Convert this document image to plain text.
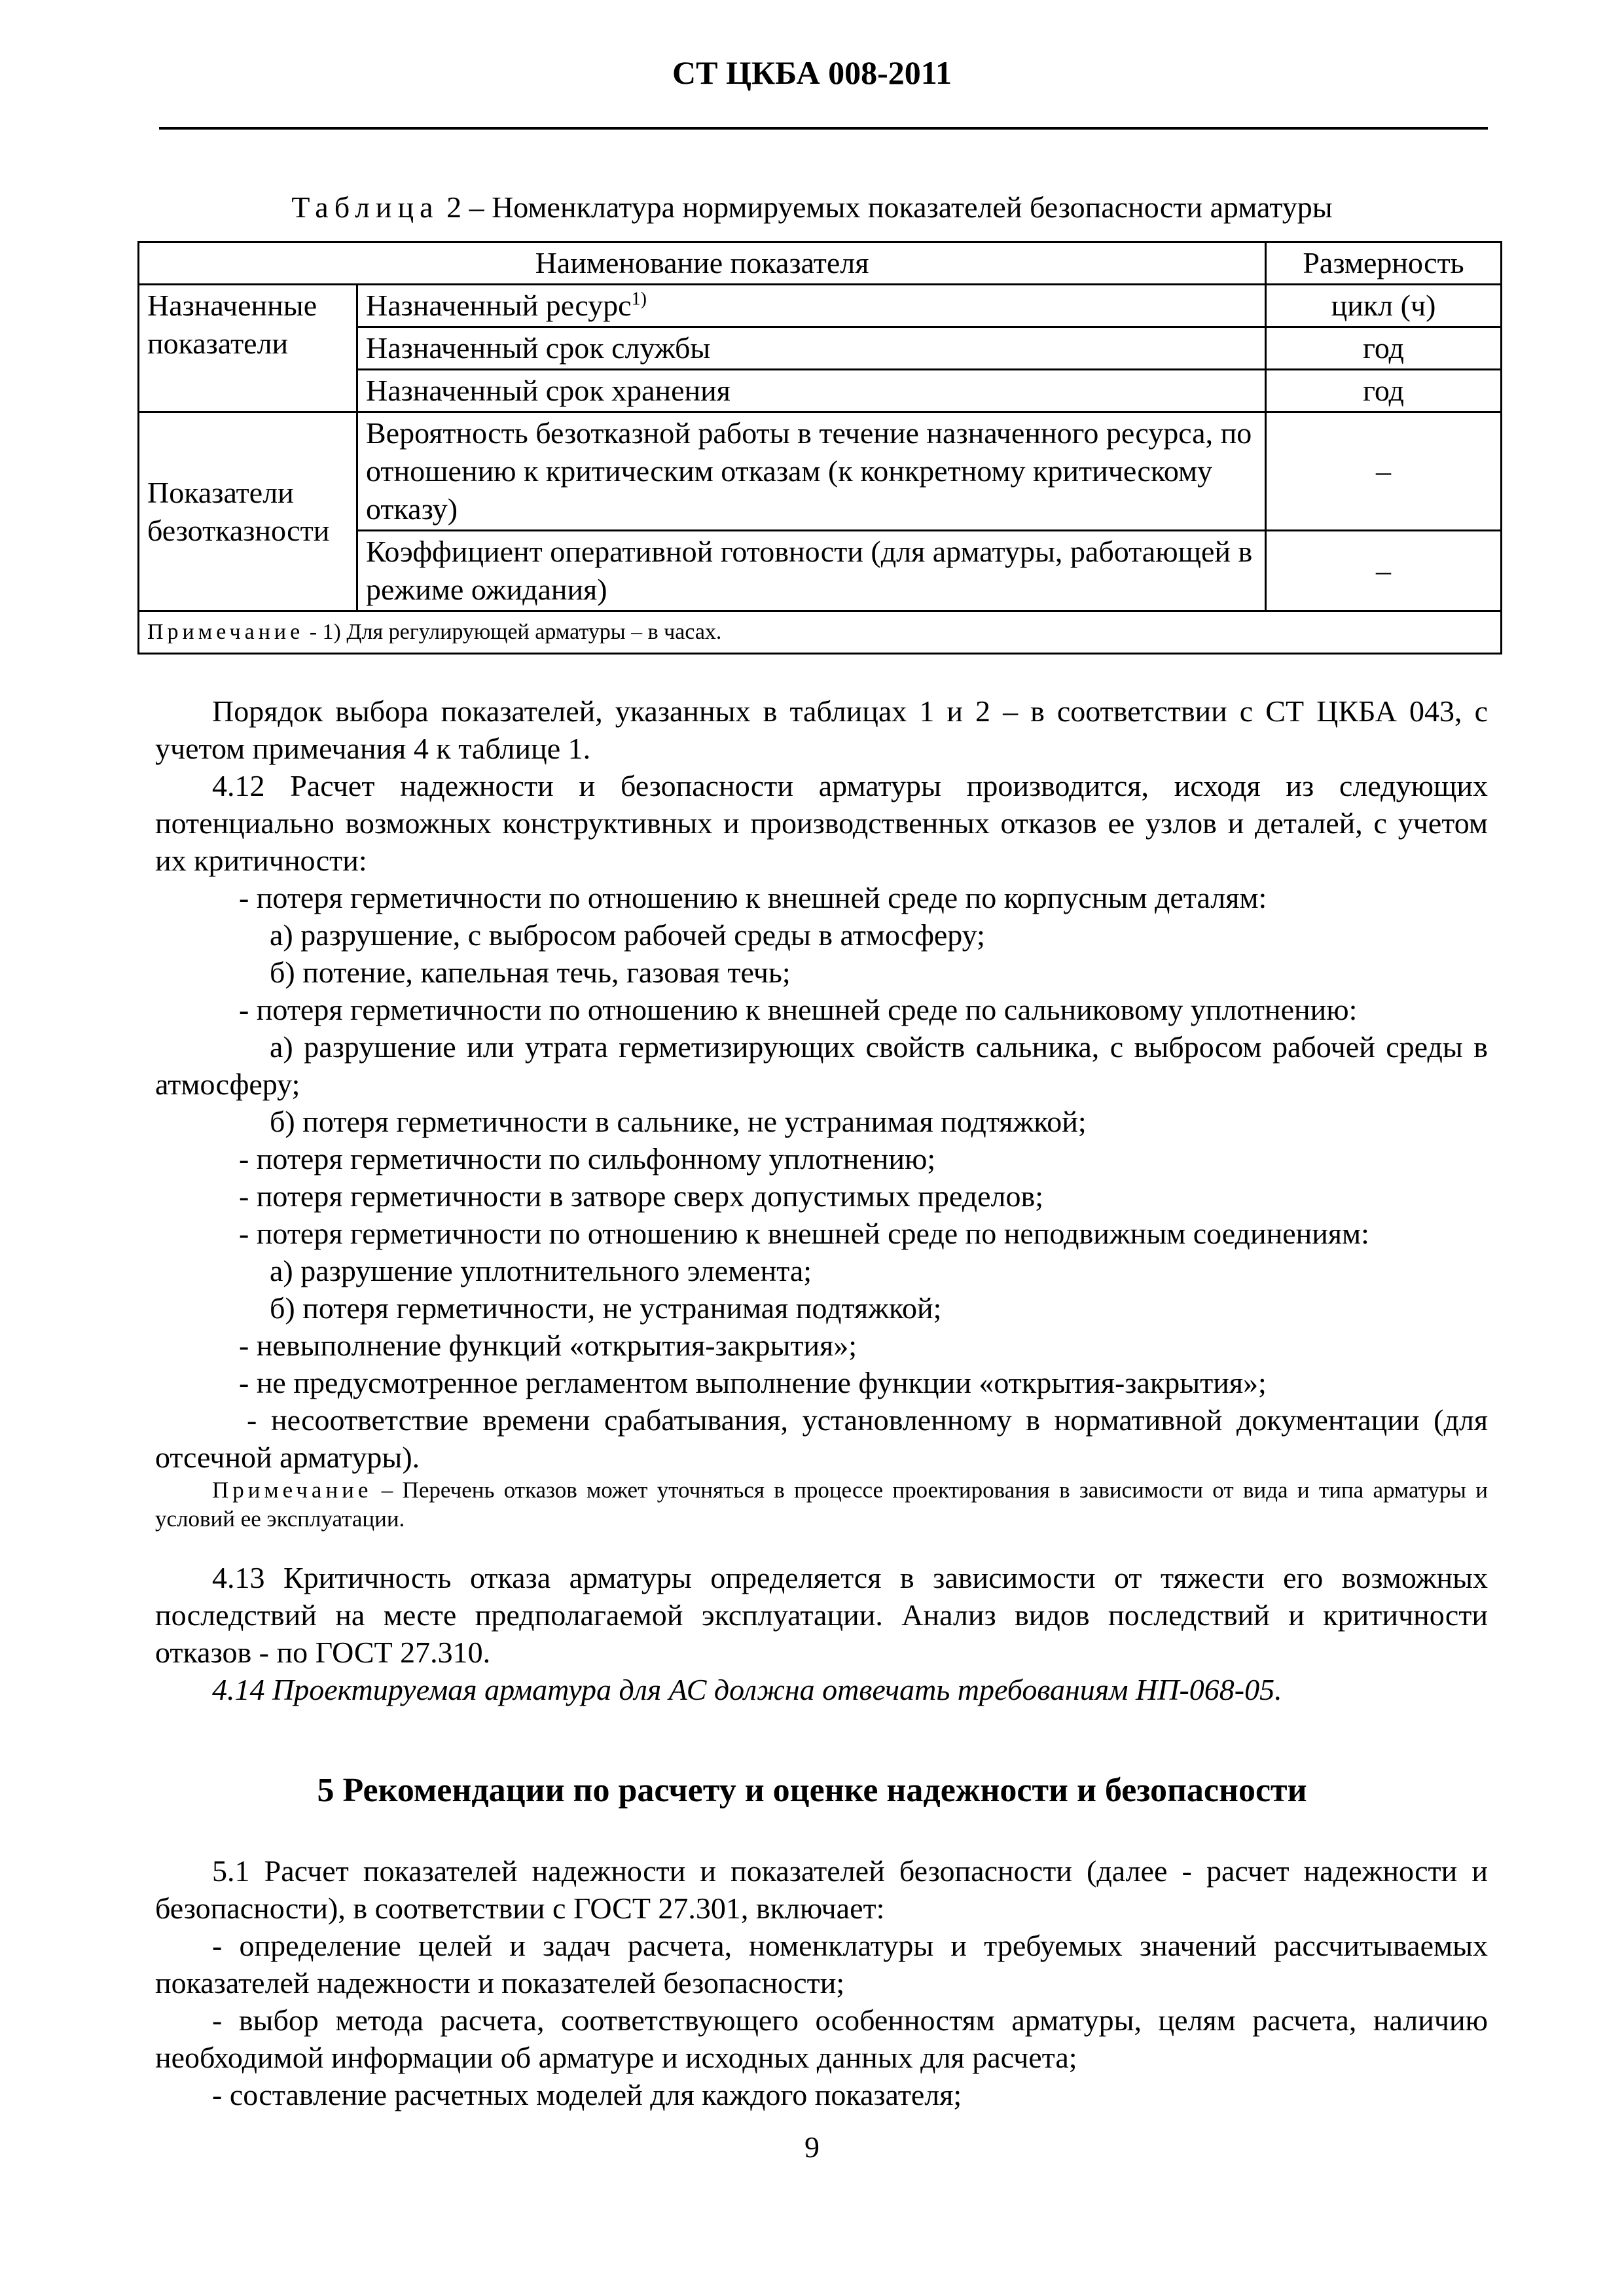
СТ ЦКБА 008-2011
Таблица 2 – Номенклатура нормируемых показателей безопасности арматуры
Наименование показателя		Размерность
Назначенные показатели	Назначенный ресурс$^{1)}$	цикл (ч)
	Назначенный срок службы	год
	Назначенный срок хранения	год
Показатели безотказности	Вероятность безотказной работы в течение назначенного ресурса, по отношению к критическим отказам (к конкретному критическому отказу)	–
	Коэффициент оперативной готовности (для арматуры, работающей в режиме ожидания)	–
Примечание - 1) Для регулирующей арматуры – в часах.		

Порядок выбора показателей, указанных в таблицах 1 и 2 – в соответствии с СТ ЦКБА 043, с учетом примечания 4 к таблице 1.

4.12 Расчет надежности и безопасности арматуры производится, исходя из следующих потенциально возможных конструктивных и производственных отказов ее узлов и деталей, с учетом их критичности:

- потеря герметичности по отношению к внешней среде по корпусным деталям:

а) разрушение, с выбросом рабочей среды в атмосферу;

б) потение, капельная течь, газовая течь;

- потеря герметичности по отношению к внешней среде по сальниковому уплотнению:

а) разрушение или утрата герметизирующих свойств сальника, с выбросом рабочей среды в атмосферу;

б) потеря герметичности в сальнике, не устранимая подтяжкой;

- потеря герметичности по сильфонному уплотнению;

- потеря герметичности в затворе сверх допустимых пределов;

- потеря герметичности по отношению к внешней среде по неподвижным соединениям:

а) разрушение уплотнительного элемента;

б) потеря герметичности, не устранимая подтяжкой;

- невыполнение функций «открытия-закрытия»;

- не предусмотренное регламентом выполнение функции «открытия-закрытия»;

- несоответствие времени срабатывания, установленному в нормативной документации (для отсечной арматуры).

Примечание – Перечень отказов может уточняться в процессе проектирования в зависимости от вида и типа арматуры и условий ее эксплуатации.

4.13 Критичность отказа арматуры определяется в зависимости от тяжести его возможных последствий на месте предполагаемой эксплуатации. Анализ видов последствий и критичности отказов - по ГОСТ 27.310.

4.14 Проектируемая арматура для АС должна отвечать требованиям НП-068-05.

5 Рекомендации по расчету и оценке надежности и безопасности

5.1 Расчет показателей надежности и показателей безопасности (далее - расчет надежности и безопасности), в соответствии с ГОСТ 27.301, включает:

- определение целей и задач расчета, номенклатуры и требуемых значений рассчитываемых показателей надежности и показателей безопасности;

- выбор метода расчета, соответствующего особенностям арматуры, целям расчета, наличию необходимой информации об арматуре и исходных данных для расчета;

- составление расчетных моделей для каждого показателя;

9
